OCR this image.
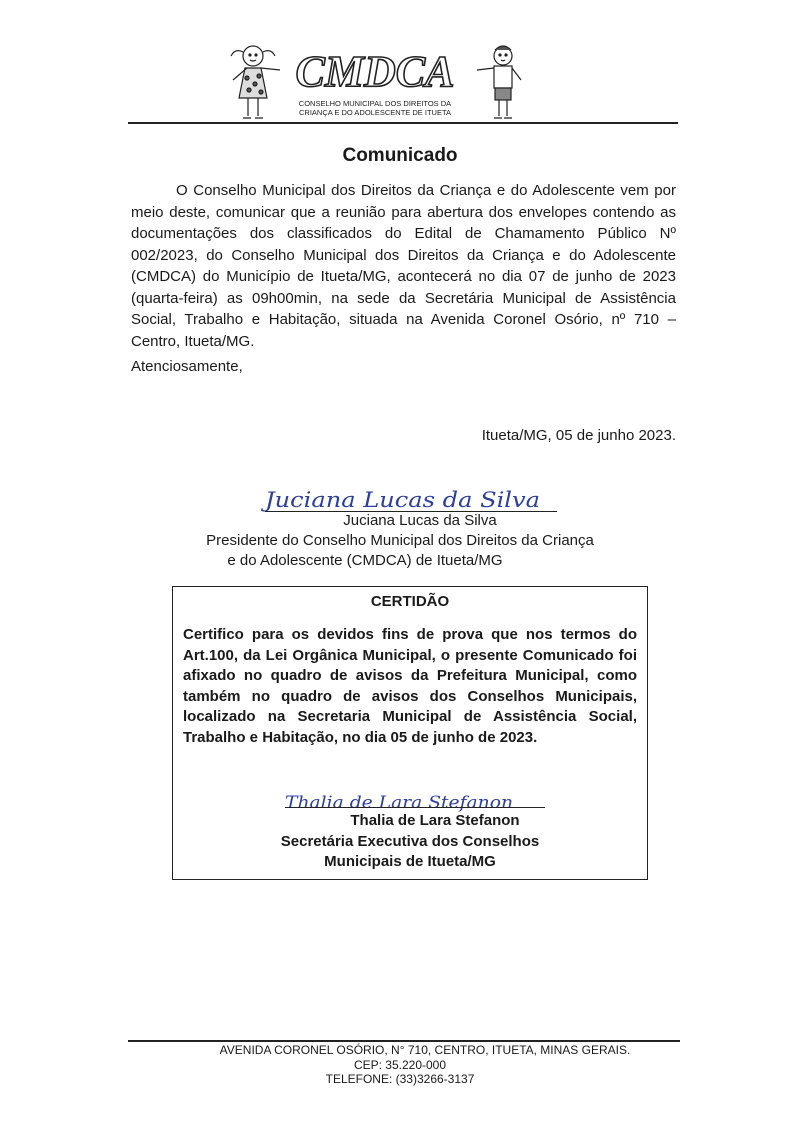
CMDCA
CONSELHO MUNICIPAL DOS DIREITOS DA
CRIANÇA E DO ADOLESCENTE DE ITUETA
Comunicado

O Conselho Municipal dos Direitos da Criança e do Adolescente vem por meio deste, comunicar que a reunião para abertura dos envelopes contendo as documentações dos classificados do Edital de Chamamento Público Nº 002/2023, do Conselho Municipal dos Direitos da Criança e do Adolescente (CMDCA) do Município de Itueta/MG, acontecerá no dia 07 de junho de 2023 (quarta-feira) as 09h00min, na sede da Secretária Municipal de Assistência Social, Trabalho e Habitação, situada na Avenida Coronel Osório, nº 710 – Centro, Itueta/MG.

Atenciosamente,
Itueta/MG, 05 de junho 2023.
Juciana Lucas da Silva
Juciana Lucas da Silva
Presidente do Conselho Municipal dos Direitos da Criança
e do Adolescente (CMDCA) de Itueta/MG
CERTIDÃO

Certifico para os devidos fins de prova que nos termos do Art.100, da Lei Orgânica Municipal, o presente Comunicado foi afixado no quadro de avisos da Prefeitura Municipal, como também no quadro de avisos dos Conselhos Municipais, localizado na Secretaria Municipal de Assistência Social, Trabalho e Habitação, no dia 05 de junho de 2023.

Thalia de Lara Stefanon
Thalia de Lara Stefanon
Secretária Executiva dos Conselhos
Municipais de Itueta/MG
AVENIDA CORONEL OSÓRIO, N° 710, CENTRO, ITUETA, MINAS GERAIS.
CEP: 35.220-000
TELEFONE: (33)3266-3137
